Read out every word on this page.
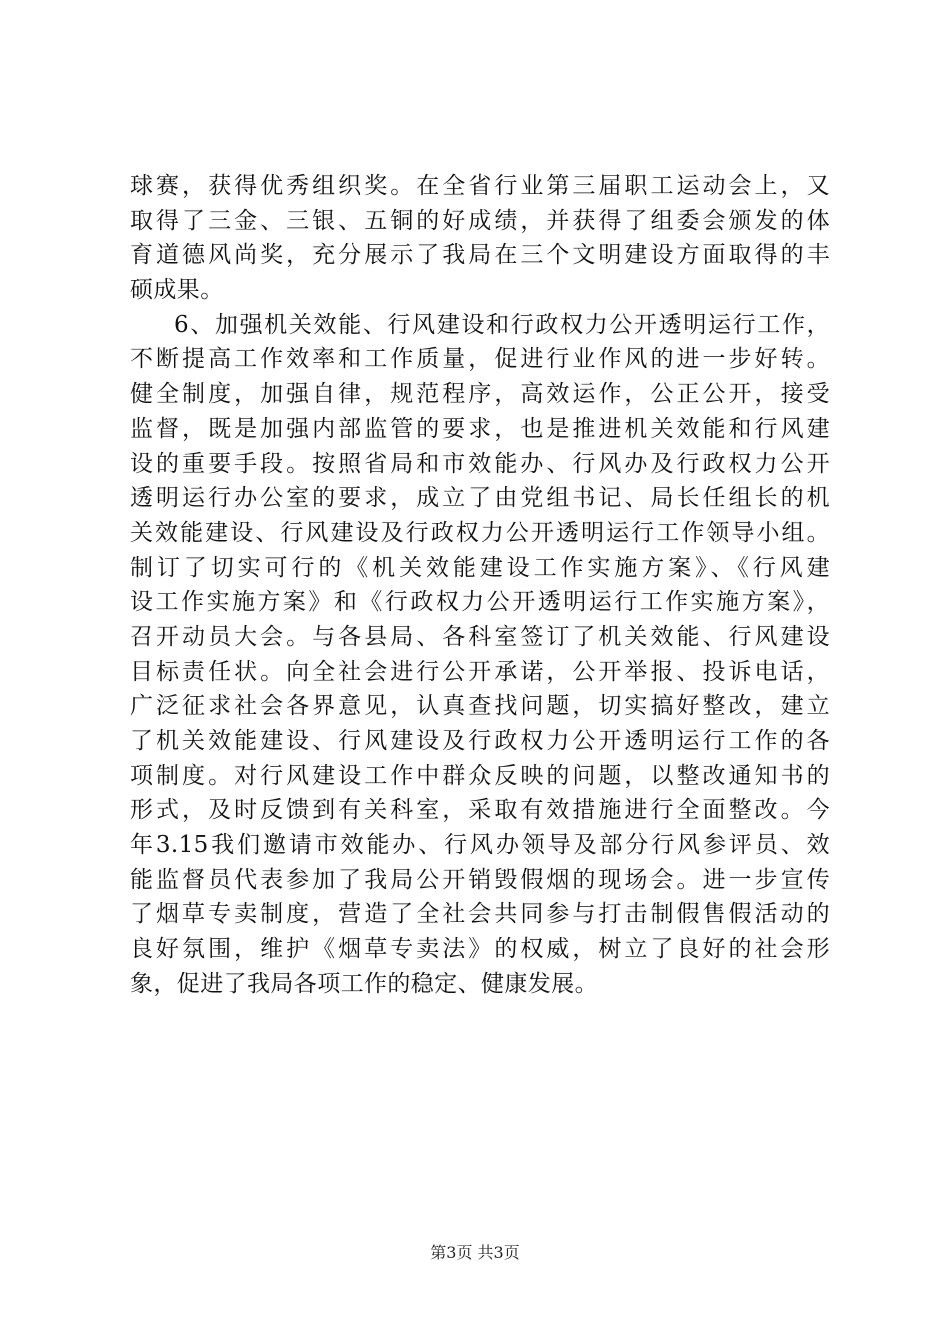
球赛，获得优秀组织奖。在全省行业第三届职工运动会上，又
取得了三金、三银、五铜的好成绩，并获得了组委会颁发的体
育道德风尚奖，充分展示了我局在三个文明建设方面取得的丰
硕成果。
6、加强机关效能、行风建设和行政权力公开透明运行工作，
不断提高工作效率和工作质量，促进行业作风的进一步好转。
健全制度，加强自律，规范程序，高效运作，公正公开，接受
监督，既是加强内部监管的要求，也是推进机关效能和行风建
设的重要手段。按照省局和市效能办、行风办及行政权力公开
透明运行办公室的要求，成立了由党组书记、局长任组长的机
关效能建设、行风建设及行政权力公开透明运行工作领导小组。
制订了切实可行的《机关效能建设工作实施方案》、《行风建
设工作实施方案》和《行政权力公开透明运行工作实施方案》，
召开动员大会。与各县局、各科室签订了机关效能、行风建设
目标责任状。向全社会进行公开承诺，公开举报、投诉电话，
广泛征求社会各界意见，认真查找问题，切实搞好整改，建立
了机关效能建设、行风建设及行政权力公开透明运行工作的各
项制度。对行风建设工作中群众反映的问题，以整改通知书的
形式，及时反馈到有关科室，采取有效措施进行全面整改。今
年3.15我们邀请市效能办、行风办领导及部分行风参评员、效
能监督员代表参加了我局公开销毁假烟的现场会。进一步宣传
了烟草专卖制度，营造了全社会共同参与打击制假售假活动的
良好氛围，维护《烟草专卖法》的权威，树立了良好的社会形
象，促进了我局各项工作的稳定、健康发展。
第3页 共3页
